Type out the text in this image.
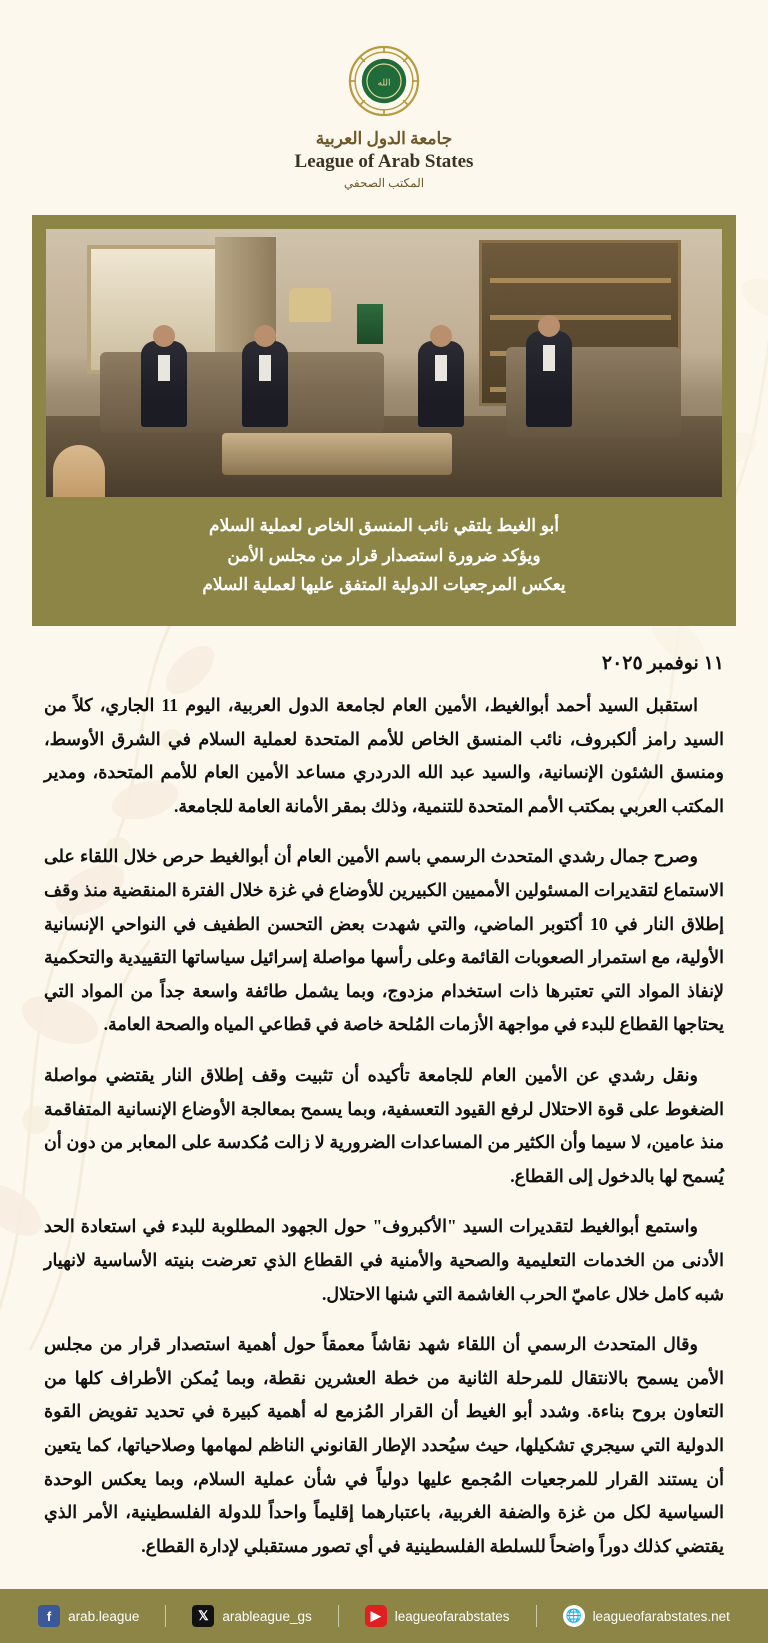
الله
جامعة الدول العربية
League of Arab States
المكتب الصحفي
أبو الغيط يلتقي نائب المنسق الخاص لعملية السلام
ويؤكد ضرورة استصدار قرار من مجلس الأمن
يعكس المرجعيات الدولية المتفق عليها لعملية السلام
١١ نوفمبر ٢٠٢٥

استقبل السيد أحمد أبوالغيط، الأمين العام لجامعة الدول العربية، اليوم 11 الجاري، كلاً من السيد رامز ألكبروف، نائب المنسق الخاص للأمم المتحدة لعملية السلام في الشرق الأوسط، ومنسق الشئون الإنسانية، والسيد عبد الله الدردري مساعد الأمين العام للأمم المتحدة، ومدير المكتب العربي بمكتب الأمم المتحدة للتنمية، وذلك بمقر الأمانة العامة للجامعة.

وصرح جمال رشدي المتحدث الرسمي باسم الأمين العام أن أبوالغيط حرص خلال اللقاء على الاستماع لتقديرات المسئولين الأمميين الكبيرين للأوضاع في غزة خلال الفترة المنقضية منذ وقف إطلاق النار في 10 أكتوبر الماضي، والتي شهدت بعض التحسن الطفيف في النواحي الإنسانية الأولية، مع استمرار الصعوبات القائمة وعلى رأسها مواصلة إسرائيل سياساتها التقييدية والتحكمية لإنفاذ المواد التي تعتبرها ذات استخدام مزدوج، وبما يشمل طائفة واسعة جداً من المواد التي يحتاجها القطاع للبدء في مواجهة الأزمات المُلحة خاصة في قطاعي المياه والصحة العامة.

ونقل رشدي عن الأمين العام للجامعة تأكيده أن تثبيت وقف إطلاق النار يقتضي مواصلة الضغوط على قوة الاحتلال لرفع القيود التعسفية، وبما يسمح بمعالجة الأوضاع الإنسانية المتفاقمة منذ عامين، لا سيما وأن الكثير من المساعدات الضرورية لا زالت مُكدسة على المعابر من دون أن يُسمح لها بالدخول إلى القطاع.

واستمع أبوالغيط لتقديرات السيد "الأكبروف" حول الجهود المطلوبة للبدء في استعادة الحد الأدنى من الخدمات التعليمية والصحية والأمنية في القطاع الذي تعرضت بنيته الأساسية لانهيار شبه كامل خلال عاميّ الحرب الغاشمة التي شنها الاحتلال.

وقال المتحدث الرسمي أن اللقاء شهد نقاشاً معمقاً حول أهمية استصدار قرار من مجلس الأمن يسمح بالانتقال للمرحلة الثانية من خطة العشرين نقطة، وبما يُمكن الأطراف كلها من التعاون بروح بناءة. وشدد أبو الغيط أن القرار المُزمع له أهمية كبيرة في تحديد تفويض القوة الدولية التي سيجري تشكيلها، حيث سيُحدد الإطار القانوني الناظم لمهامها وصلاحياتها، كما يتعين أن يستند القرار للمرجعيات المُجمع عليها دولياً في شأن عملية السلام، وبما يعكس الوحدة السياسية لكل من غزة والضفة الغربية، باعتبارهما إقليماً واحداً للدولة الفلسطينية، الأمر الذي يقتضي كذلك دوراً واضحاً للسلطة الفلسطينية في أي تصور مستقبلي لإدارة القطاع.

f	arab.league	𝕏	arableague_gs	▶	leagueofarabstates	🌐 leagueofarabstates.net
